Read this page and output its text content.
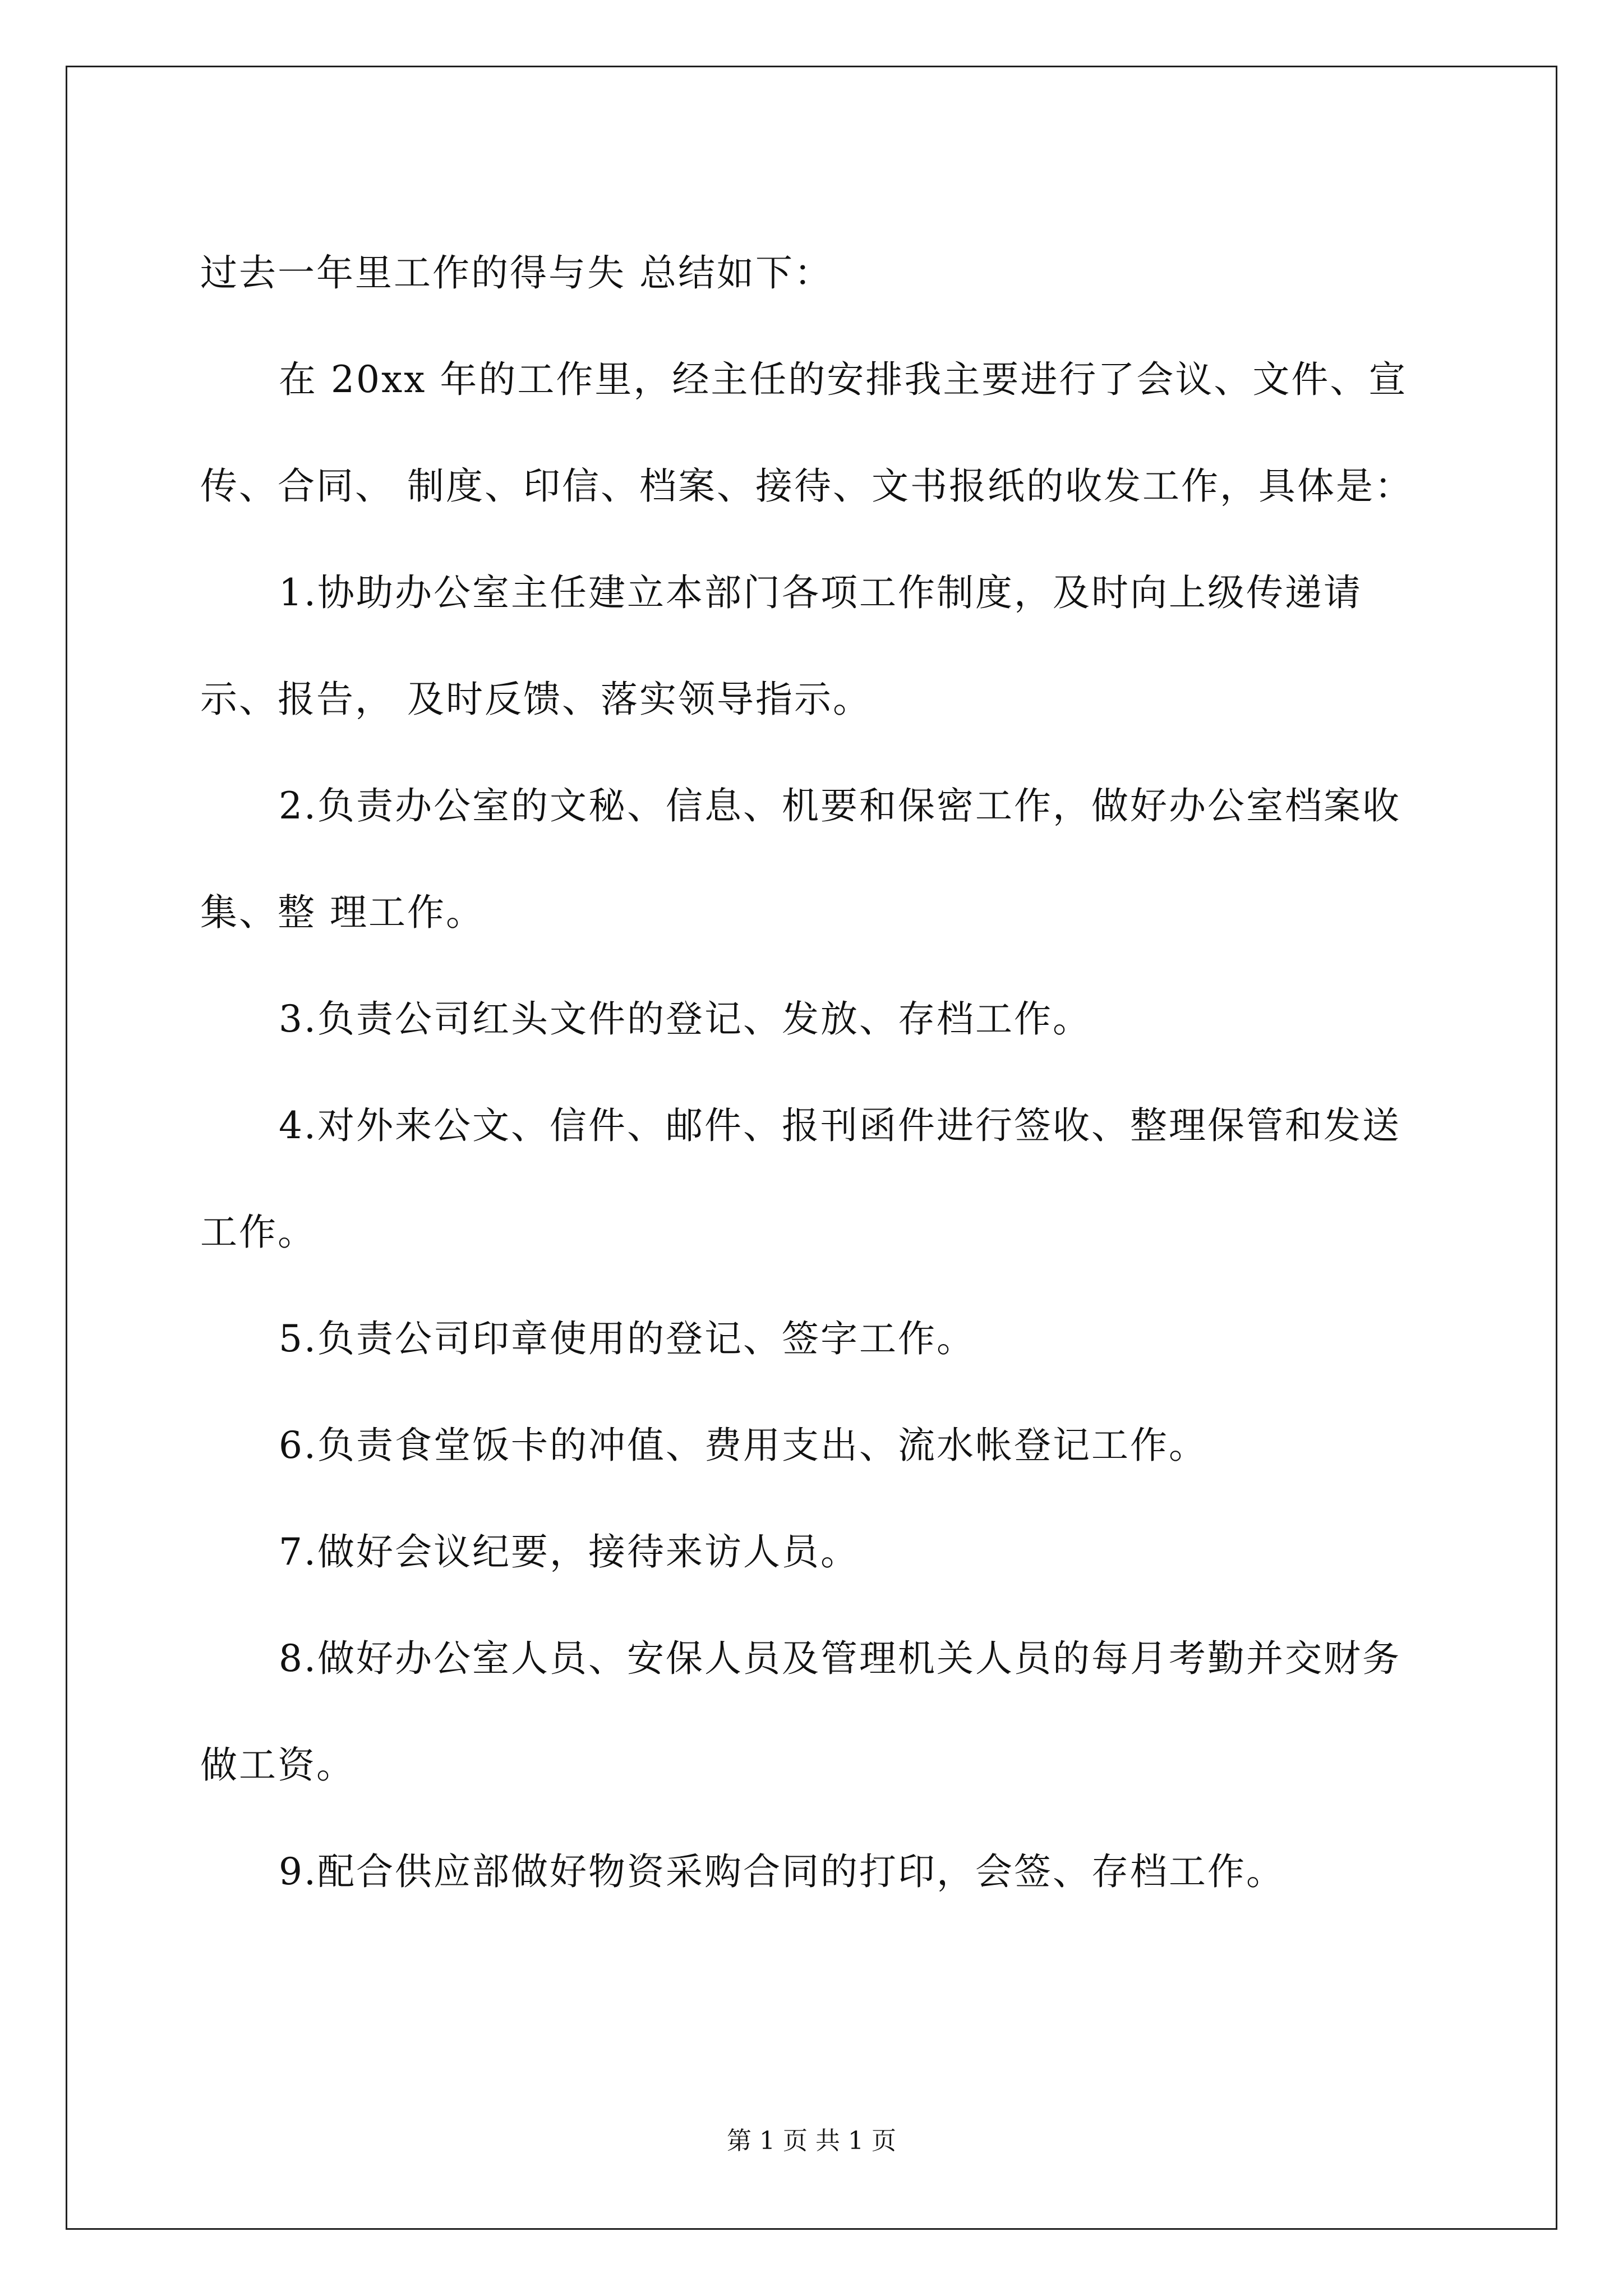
过去一年里工作的得与失 总结如下：

在 20xx 年的工作里，经主任的安排我主要进行了会议、文件、宣传、合同、 制度、印信、档案、接待、文书报纸的收发工作，具体是：

1.协助办公室主任建立本部门各项工作制度，及时向上级传递请示、报告， 及时反馈、落实领导指示。

2.负责办公室的文秘、信息、机要和保密工作，做好办公室档案收集、整 理工作。

3.负责公司红头文件的登记、发放、存档工作。

4.对外来公文、信件、邮件、报刊函件进行签收、整理保管和发送工作。

5.负责公司印章使用的登记、签字工作。

6.负责食堂饭卡的冲值、费用支出、流水帐登记工作。

7.做好会议纪要，接待来访人员。

8.做好办公室人员、安保人员及管理机关人员的每月考勤并交财务做工资。

9.配合供应部做好物资采购合同的打印，会签、存档工作。

第 1 页 共 1 页
